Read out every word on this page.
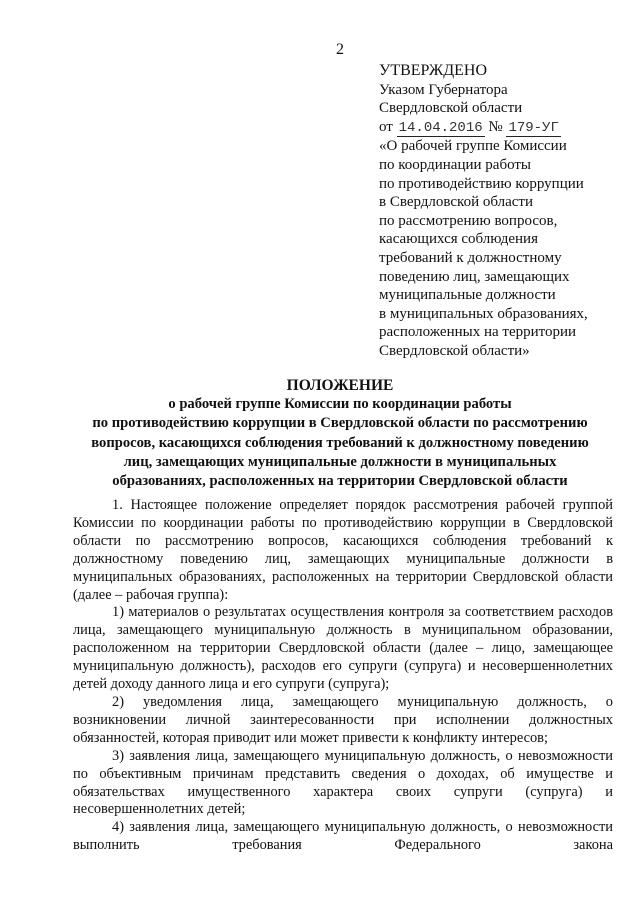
2
УТВЕРЖДЕНО
Указом Губернатора
Свердловской области
от 14.04.2016 № 179-УГ
«О рабочей группе Комиссии
по координации работы
по противодействию коррупции
в Свердловской области
по рассмотрению вопросов,
касающихся соблюдения
требований к должностному
поведению лиц, замещающих
муниципальные должности
в муниципальных образованиях,
расположенных на территории
Свердловской области»
ПОЛОЖЕНИЕ
о рабочей группе Комиссии по координации работы
по противодействию коррупции в Свердловской области по рассмотрению
вопросов, касающихся соблюдения требований к должностному поведению
лиц, замещающих муниципальные должности в муниципальных
образованиях, расположенных на территории Свердловской области

1. Настоящее положение определяет порядок рассмотрения рабочей группой Комиссии по координации работы по противодействию коррупции в Свердловской области по рассмотрению вопросов, касающихся соблюдения требований к должностному поведению лиц, замещающих муниципальные должности в муниципальных образованиях, расположенных на территории Свердловской области (далее – рабочая группа):

1) материалов о результатах осуществления контроля за соответствием расходов лица, замещающего муниципальную должность в муниципальном образовании, расположенном на территории Свердловской области (далее – лицо, замещающее муниципальную должность), расходов его супруги (супруга) и несовершеннолетних детей доходу данного лица и его супруги (супруга);

2) уведомления лица, замещающего муниципальную должность, о возникновении личной заинтересованности при исполнении должностных обязанностей, которая приводит или может привести к конфликту интересов;

3) заявления лица, замещающего муниципальную должность, о невозможности по объективным причинам представить сведения о доходах, об имуществе и обязательствах имущественного характера своих супруги (супруга) и несовершеннолетних детей;

4) заявления лица, замещающего муниципальную должность, о невозможности выполнить требования Федерального закона
